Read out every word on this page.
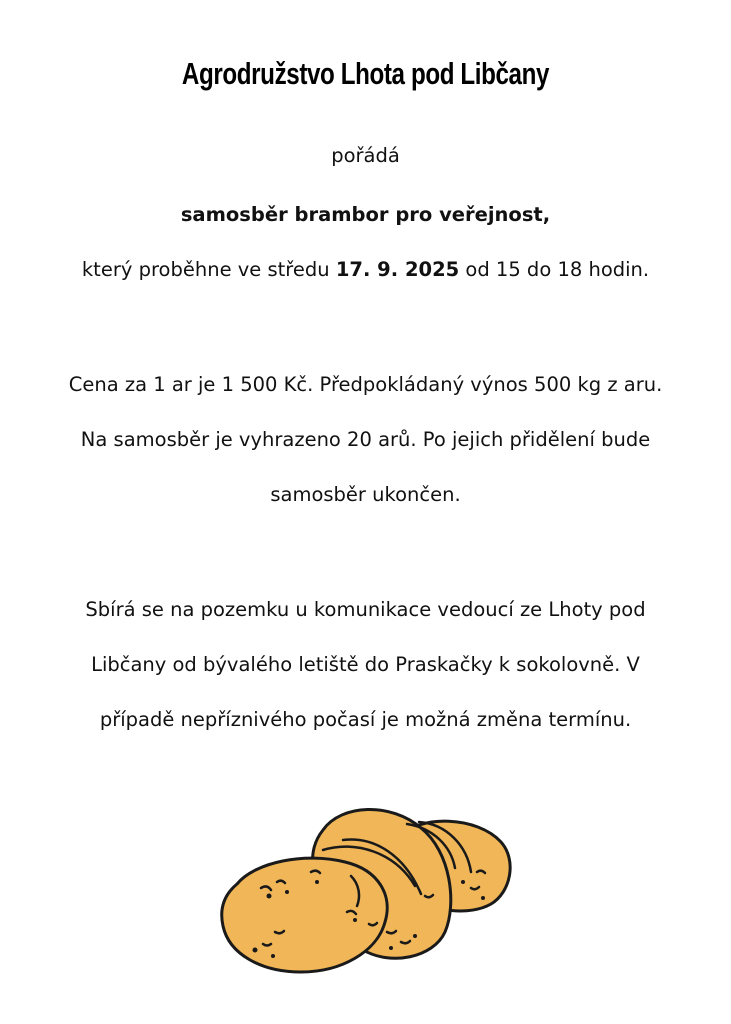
Agrodružstvo Lhota pod Libčany
pořádá
samosběr brambor pro veřejnost,
který proběhne ve středu 17. 9. 2025 od 15 do 18 hodin.
Cena za 1 ar je 1 500 Kč. Předpokládaný výnos 500 kg z aru.
Na samosběr je vyhrazeno 20 arů. Po jejich přidělení bude
samosběr ukončen.
Sbírá se na pozemku u komunikace vedoucí ze Lhoty pod
Libčany od bývalého letiště do Praskačky k sokolovně. V
případě nepříznivého počasí je možná změna termínu.
